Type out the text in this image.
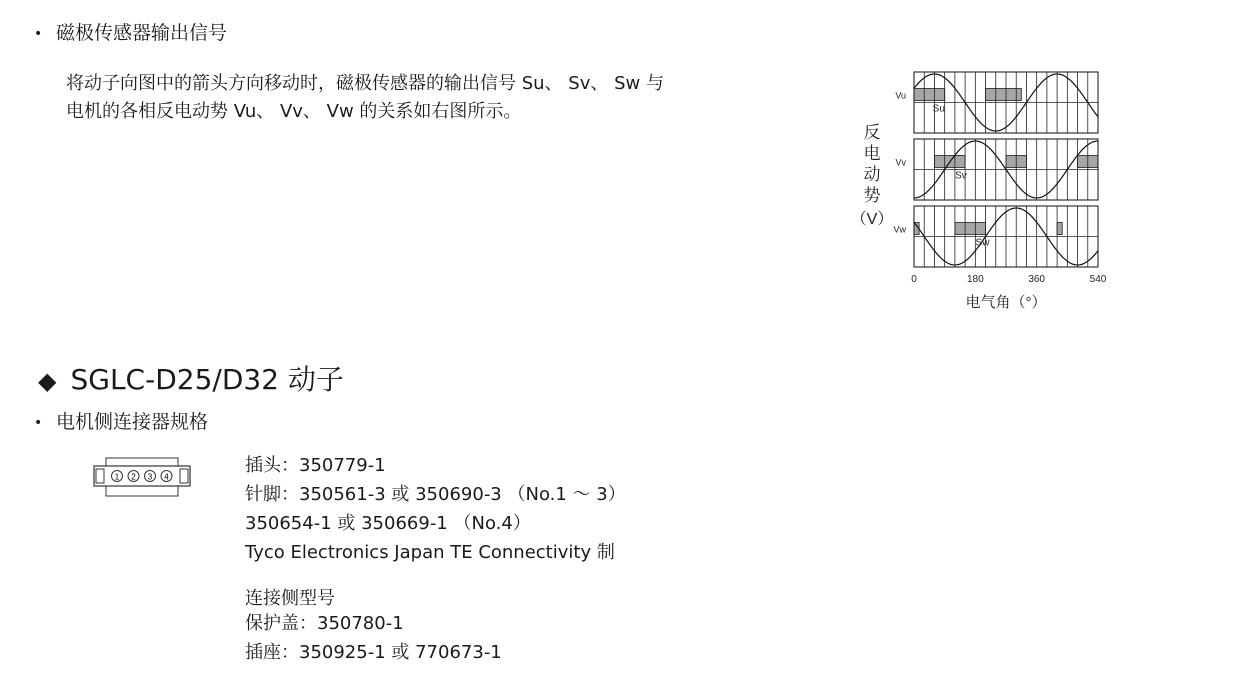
• 磁极传感器输出信号
将动子向图中的箭头方向移动时，磁极传感器的输出信号 Su、 Sv、 Sw 与
电机的各相反电动势 Vu、 Vv、 Vw 的关系如右图所示。
Vu
Su
Vv
Sv
Vw
Sw
0	180	360	540
电气角（°）
反
电
动
势
（V）
◆ SGLC-D25/D32 动子
• 电机侧连接器规格
1 2 3 4
插头：350779-1
针脚：350561-3 或 350690-3 （No.1 ～ 3）
350654-1 或 350669-1 （No.4）
Tyco Electronics Japan TE Connectivity 制
连接侧型号
保护盖：350780-1
插座：350925-1 或 770673-1
